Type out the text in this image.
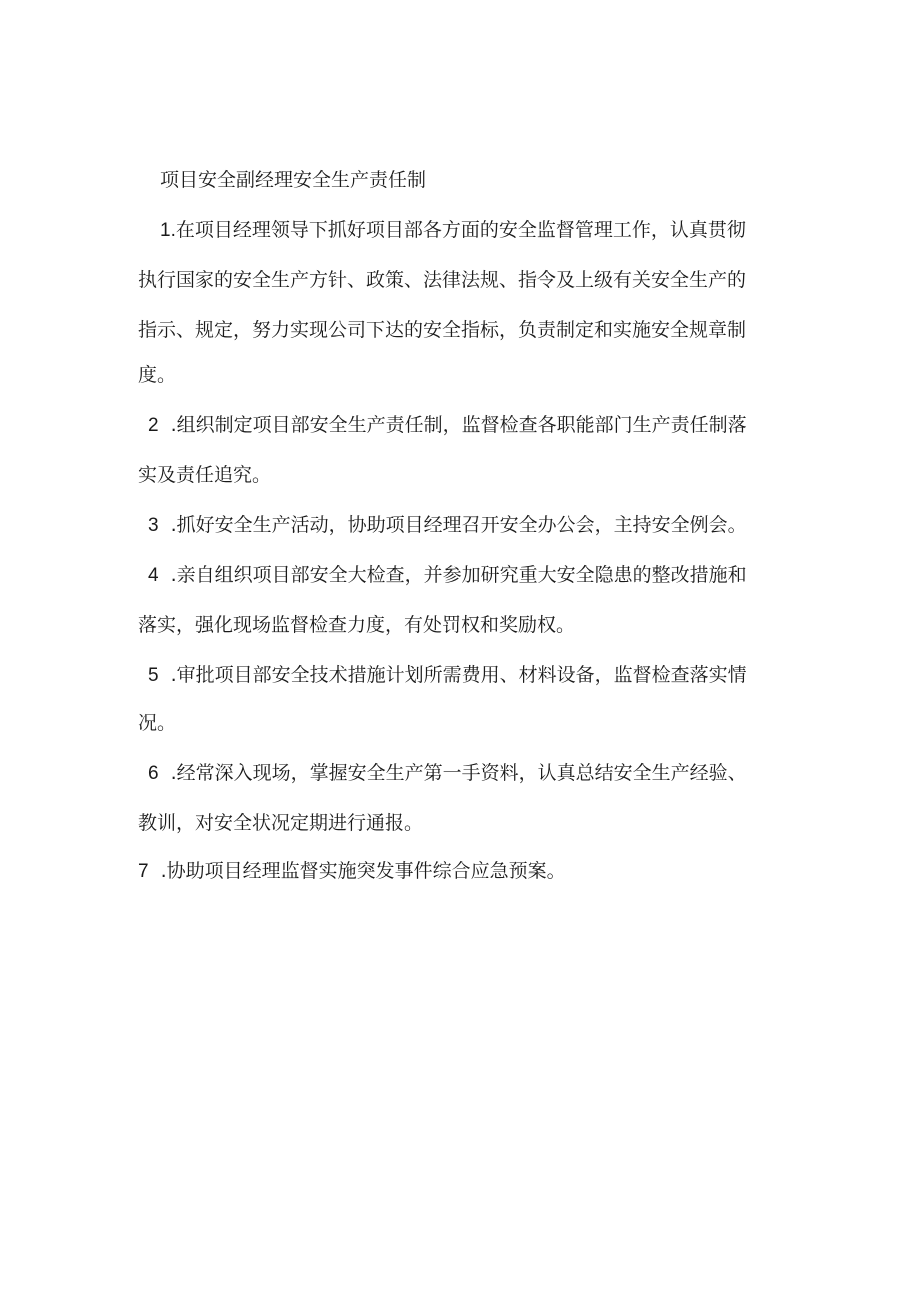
项目安全副经理安全生产责任制
1.在项目经理领导下抓好项目部各方面的安全监督管理工作，认真贯彻
执行国家的安全生产方针、政策、法律法规、指令及上级有关安全生产的
指示、规定，努力实现公司下达的安全指标，负责制定和实施安全规章制
度。
2 .组织制定项目部安全生产责任制，监督检查各职能部门生产责任制落
实及责任追究。
3 .抓好安全生产活动，协助项目经理召开安全办公会，主持安全例会。
4 .亲自组织项目部安全大检查，并参加研究重大安全隐患的整改措施和
落实，强化现场监督检查力度，有处罚权和奖励权。
5 .审批项目部安全技术措施计划所需费用、材料设备，监督检查落实情
况。
6 .经常深入现场，掌握安全生产第一手资料，认真总结安全生产经验、
教训，对安全状况定期进行通报。
7 .协助项目经理监督实施突发事件综合应急预案。
